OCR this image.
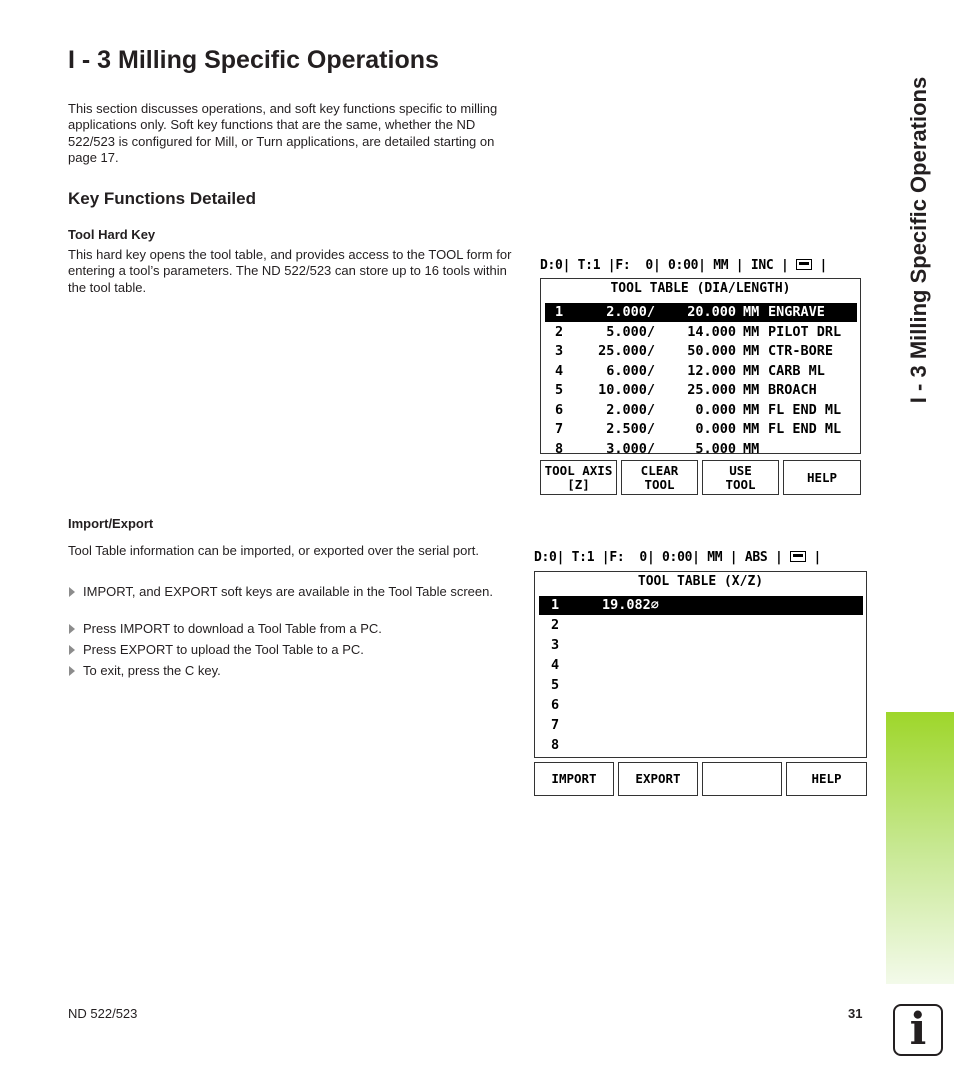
I - 3 Milling Specific Operations

This section discusses operations, and soft key functions specific to milling applications only. Soft key functions that are the same, whether the ND 522/523 is configured for Mill, or Turn applications, are detailed starting on page 17.

Key Functions Detailed
Tool Hard Key

This hard key opens the tool table, and provides access to the TOOL form for entering a tool’s parameters. The ND 522/523 can store up to 16 tools within the tool table.

Import/Export

Tool Table information can be imported, or exported over the serial port.

IMPORT, and EXPORT soft keys are available in the Tool Table screen.
Press IMPORT to download a Tool Table from a PC.
Press EXPORT to upload the Tool Table to a PC.
To exit, press the C key.
D:0| T:1 |F:  0| 0:00| MM | INC |  |
TOOL TABLE (DIA/LENGTH)
1	2.000/	20.000 MM ENGRAVE
2	5.000/	14.000 MM PILOT DRL
3	25.000/	50.000 MM CTR-BORE
4	6.000/	12.000 MM CARB ML
5	10.000/	25.000 MM BROACH
6	2.000/	0.000 MM FL END ML
7	2.500/	0.000 MM FL END ML
8	3.000/	5.000 MM
TOOL AXIS
[Z]
CLEAR
TOOL
USE
TOOL	HELP
D:0| T:1 |F:  0| 0:00| MM | ABS |  |
TOOL TABLE (X/Z)
1	19.082⌀
2
3
4
5
6
7
8
IMPORT	EXPORT	HELP
I - 3 Milling Specific Operations
ND 522/523	31 i
